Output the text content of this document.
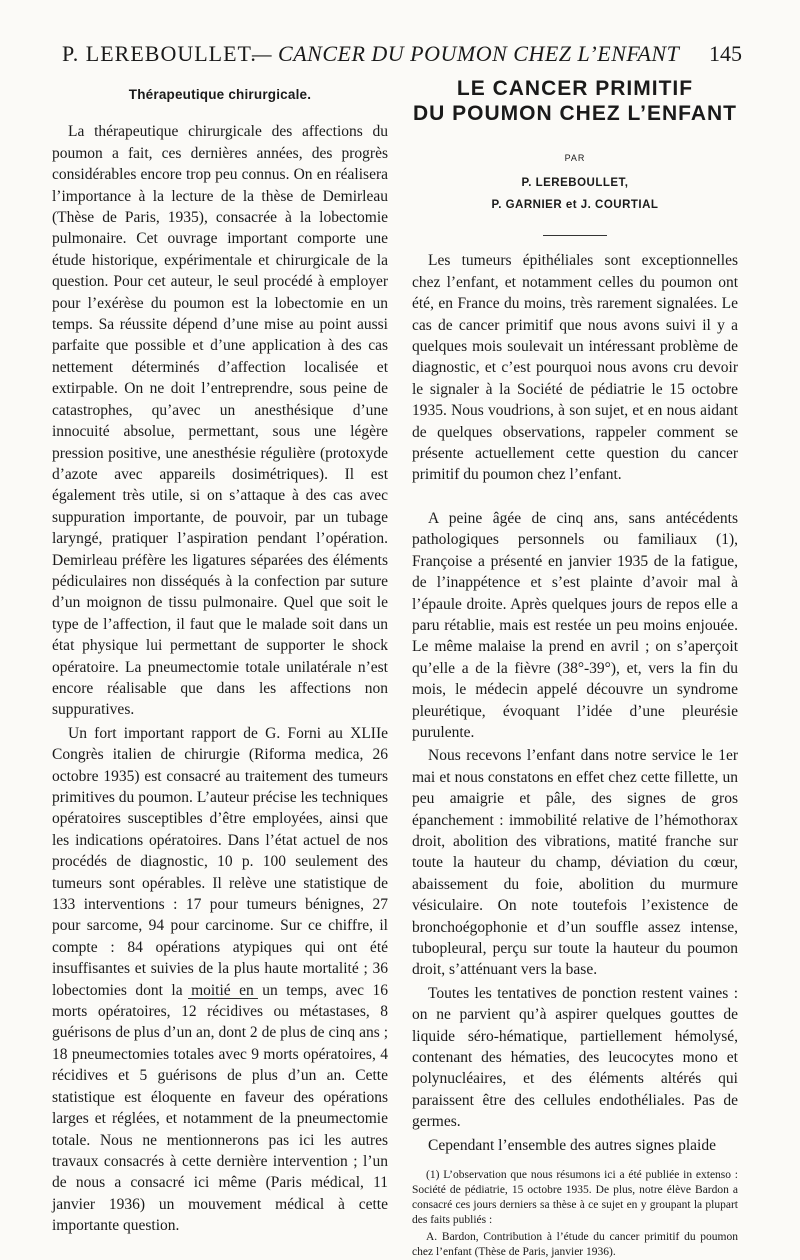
P. LEREBOULLET.
— CANCER DU POUMON CHEZ L’ENFANT 145
Thérapeutique chirurgicale.

La thérapeutique chirurgicale des affections du poumon a fait, ces dernières années, des progrès considérables encore trop peu connus. On en réalisera l’importance à la lecture de la thèse de Demirleau (Thèse de Paris, 1935), consacrée à la lobectomie pulmonaire. Cet ouvrage important comporte une étude historique, expérimentale et chirurgicale de la question. Pour cet auteur, le seul procédé à employer pour l’exérèse du poumon est la lobectomie en un temps. Sa réussite dépend d’une mise au point aussi parfaite que possible et d’une application à des cas nettement déterminés d’affection localisée et extirpable. On ne doit l’entreprendre, sous peine de catastrophes, qu’avec un anesthésique d’une innocuité absolue, permettant, sous une légère pression positive, une anesthésie régulière (protoxyde d’azote avec appareils dosimétriques). Il est également très utile, si on s’attaque à des cas avec suppuration importante, de pouvoir, par un tubage laryngé, pratiquer l’aspiration pendant l’opération. Demirleau préfère les ligatures séparées des éléments pédiculaires non disséqués à la confection par suture d’un moignon de tissu pulmonaire. Quel que soit le type de l’affection, il faut que le malade soit dans un état physique lui permettant de supporter le shock opératoire. La pneumectomie totale unilatérale n’est encore réalisable que dans les affections non suppuratives.

Un fort important rapport de G. Forni au XLIIe Congrès italien de chirurgie (Riforma medica, 26 octobre 1935) est consacré au traitement des tumeurs primitives du poumon. L’auteur précise les techniques opératoires susceptibles d’être employées, ainsi que les indications opératoires. Dans l’état actuel de nos procédés de diagnostic, 10 p. 100 seulement des tumeurs sont opérables. Il relève une statistique de 133 interventions : 17 pour tumeurs bénignes, 27 pour sarcome, 94 pour carcinome. Sur ce chiffre, il compte : 84 opérations atypiques qui ont été insuffisantes et suivies de la plus haute mortalité ; 36 lobectomies dont la moitié en un temps, avec 16 morts opératoires, 12 récidives ou métastases, 8 guérisons de plus d’un an, dont 2 de plus de cinq ans ; 18 pneumectomies totales avec 9 morts opératoires, 4 récidives et 5 guérisons de plus d’un an. Cette statistique est éloquente en faveur des opérations larges et réglées, et notamment de la pneumectomie totale. Nous ne mentionnerons pas ici les autres travaux consacrés à cette dernière intervention ; l’un de nous a consacré ici même (Paris médical, 11 janvier 1936) un mouvement médical à cette importante question.

LE CANCER PRIMITIF
DU POUMON CHEZ L’ENFANT
PAR
P. LEREBOULLET,
P. GARNIER et J. COURTIAL

Les tumeurs épithéliales sont exceptionnelles chez l’enfant, et notamment celles du poumon ont été, en France du moins, très rarement signalées. Le cas de cancer primitif que nous avons suivi il y a quelques mois soulevait un intéressant problème de diagnostic, et c’est pourquoi nous avons cru devoir le signaler à la Société de pédiatrie le 15 octobre 1935. Nous voudrions, à son sujet, et en nous aidant de quelques observations, rappeler comment se présente actuellement cette question du cancer primitif du poumon chez l’enfant.

A peine âgée de cinq ans, sans antécédents pathologiques personnels ou familiaux (1), Françoise a présenté en janvier 1935 de la fatigue, de l’inappétence et s’est plainte d’avoir mal à l’épaule droite. Après quelques jours de repos elle a paru rétablie, mais est restée un peu moins enjouée. Le même malaise la prend en avril ; on s’aperçoit qu’elle a de la fièvre (38°-39°), et, vers la fin du mois, le médecin appelé découvre un syndrome pleurétique, évoquant l’idée d’une pleurésie purulente.

Nous recevons l’enfant dans notre service le 1er mai et nous constatons en effet chez cette fillette, un peu amaigrie et pâle, des signes de gros épanchement : immobilité relative de l’hémothorax droit, abolition des vibrations, matité franche sur toute la hauteur du champ, déviation du cœur, abaissement du foie, abolition du murmure vésiculaire. On note toutefois l’existence de bronchoégophonie et d’un souffle assez intense, tubopleural, perçu sur toute la hauteur du poumon droit, s’atténuant vers la base.

Toutes les tentatives de ponction restent vaines : on ne parvient qu’à aspirer quelques gouttes de liquide séro-hématique, partiellement hémolysé, contenant des hématies, des leucocytes mono et polynucléaires, et des éléments altérés qui paraissent être des cellules endothéliales. Pas de germes.

Cependant l’ensemble des autres signes plaide

(1) L’observation que nous résumons ici a été publiée in extenso : Société de pédiatrie, 15 octobre 1935. De plus, notre élève Bardon a consacré ces jours derniers sa thèse à ce sujet en y groupant la plupart des faits publiés :

A. Bardon, Contribution à l’étude du cancer primitif du poumon chez l’enfant (Thèse de Paris, janvier 1936).
